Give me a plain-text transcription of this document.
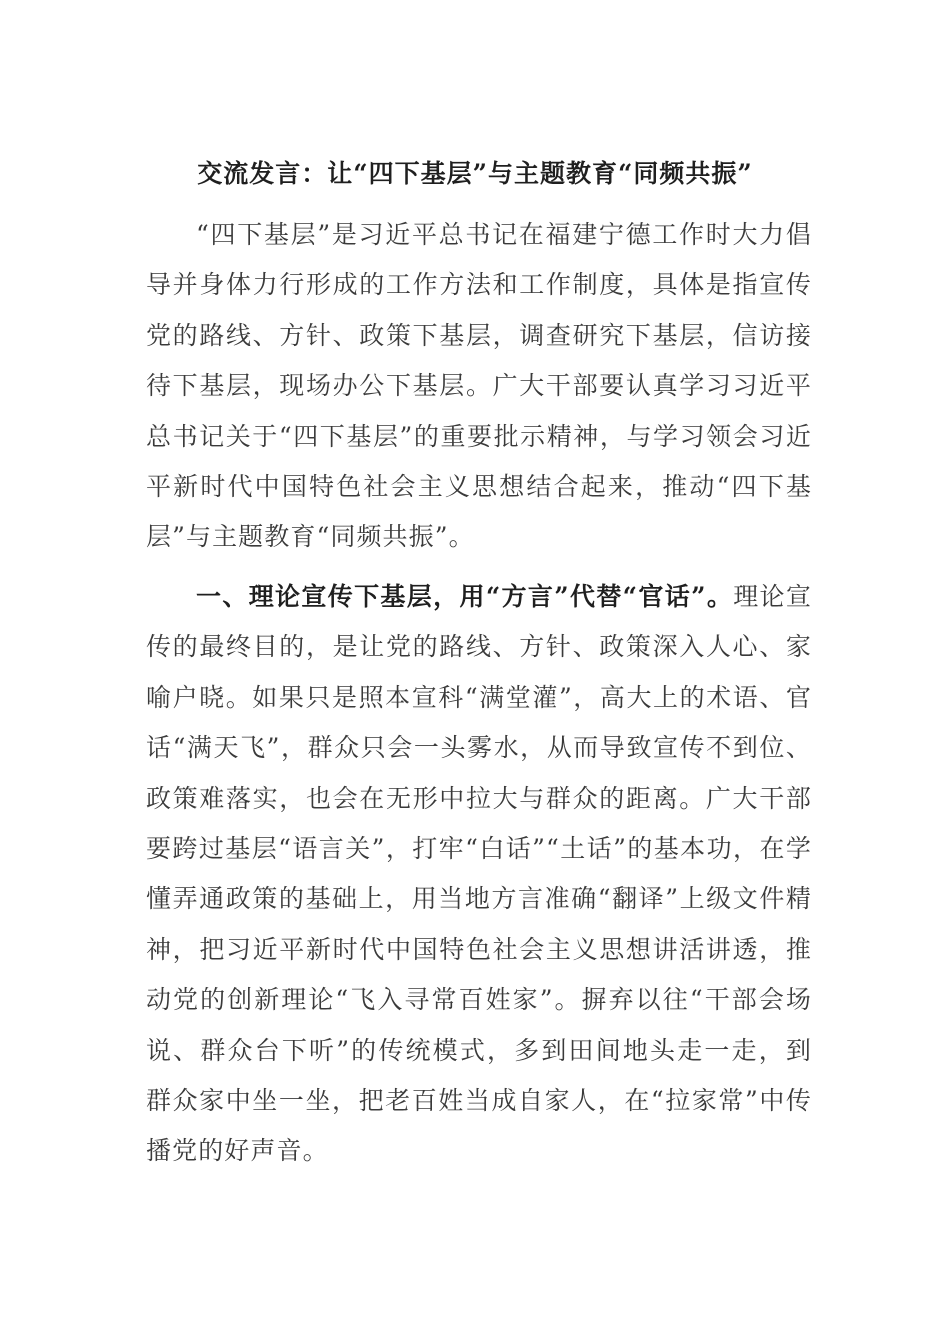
交流发言：让“四下基层”与主题教育“同频共振”

“四下基层”是习近平总书记在福建宁德工作时大力倡导并身体力行形成的工作方法和工作制度，具体是指宣传党的路线、方针、政策下基层，调查研究下基层，信访接待下基层，现场办公下基层。广大干部要认真学习习近平总书记关于“四下基层”的重要批示精神，与学习领会习近平新时代中国特色社会主义思想结合起来，推动“四下基层”与主题教育“同频共振”。

一、理论宣传下基层，用“方言”代替“官话”。理论宣传的最终目的，是让党的路线、方针、政策深入人心、家喻户晓。如果只是照本宣科“满堂灌”，高大上的术语、官话“满天飞”，群众只会一头雾水，从而导致宣传不到位、政策难落实，也会在无形中拉大与群众的距离。广大干部要跨过基层“语言关”，打牢“白话”“土话”的基本功，在学懂弄通政策的基础上，用当地方言准确“翻译”上级文件精神，把习近平新时代中国特色社会主义思想讲活讲透，推动党的创新理论“飞入寻常百姓家”。摒弃以往“干部会场说、群众台下听”的传统模式，多到田间地头走一走，到群众家中坐一坐，把老百姓当成自家人，在“拉家常”中传播党的好声音。
